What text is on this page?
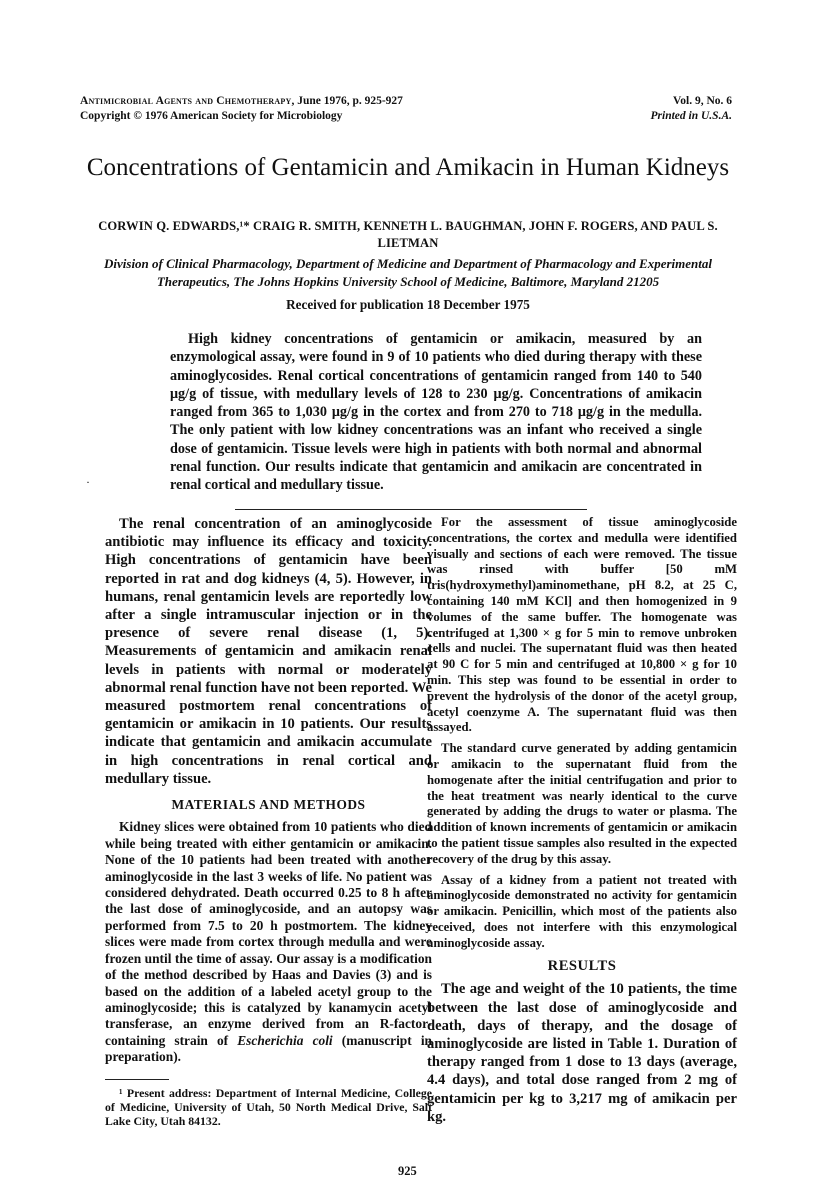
Antimicrobial Agents and Chemotherapy, June 1976, p. 925-927
Copyright © 1976 American Society for Microbiology
Vol. 9, No. 6
Printed in U.S.A.
Concentrations of Gentamicin and Amikacin in Human Kidneys
CORWIN Q. EDWARDS,¹* CRAIG R. SMITH, KENNETH L. BAUGHMAN, JOHN F. ROGERS, AND PAUL S. LIETMAN
Division of Clinical Pharmacology, Department of Medicine and Department of Pharmacology and Experimental Therapeutics, The Johns Hopkins University School of Medicine, Baltimore, Maryland 21205
Received for publication 18 December 1975

High kidney concentrations of gentamicin or amikacin, measured by an enzymological assay, were found in 9 of 10 patients who died during therapy with these aminoglycosides. Renal cortical concentrations of gentamicin ranged from 140 to 540 μg/g of tissue, with medullary levels of 128 to 230 μg/g. Concentrations of amikacin ranged from 365 to 1,030 μg/g in the cortex and from 270 to 718 μg/g in the medulla. The only patient with low kidney concentrations was an infant who received a single dose of gentamicin. Tissue levels were high in patients with both normal and abnormal renal function. Our results indicate that gentamicin and amikacin are concentrated in renal cortical and medullary tissue.

·

The renal concentration of an aminoglycoside antibiotic may influence its efficacy and toxicity. High concentrations of gentamicin have been reported in rat and dog kidneys (4, 5). However, in humans, renal gentamicin levels are reportedly low after a single intramuscular injection or in the presence of severe renal disease (1, 5). Measurements of gentamicin and amikacin renal levels in patients with normal or moderately abnormal renal function have not been reported. We measured postmortem renal concentrations of gentamicin or amikacin in 10 patients. Our results indicate that gentamicin and amikacin accumulate in high concentrations in renal cortical and medullary tissue.

MATERIALS AND METHODS

Kidney slices were obtained from 10 patients who died while being treated with either gentamicin or amikacin. None of the 10 patients had been treated with another aminoglycoside in the last 3 weeks of life. No patient was considered dehydrated. Death occurred 0.25 to 8 h after the last dose of aminoglycoside, and an autopsy was performed from 7.5 to 20 h postmortem. The kidney slices were made from cortex through medulla and were frozen until the time of assay. Our assay is a modification of the method described by Haas and Davies (3) and is based on the addition of a labeled acetyl group to the aminoglycoside; this is catalyzed by kanamycin acetyl transferase, an enzyme derived from an R-factor-containing strain of Escherichia coli (manuscript in preparation).

¹ Present address: Department of Internal Medicine, College of Medicine, University of Utah, 50 North Medical Drive, Salt Lake City, Utah 84132.

For the assessment of tissue aminoglycoside concentrations, the cortex and medulla were identified visually and sections of each were removed. The tissue was rinsed with buffer [50 mM tris(hydroxymethyl)aminomethane, pH 8.2, at 25 C, containing 140 mM KCl] and then homogenized in 9 volumes of the same buffer. The homogenate was centrifuged at 1,300 × g for 5 min to remove unbroken cells and nuclei. The supernatant fluid was then heated at 90 C for 5 min and centrifuged at 10,800 × g for 10 min. This step was found to be essential in order to prevent the hydrolysis of the donor of the acetyl group, acetyl coenzyme A. The supernatant fluid was then assayed.

The standard curve generated by adding gentamicin or amikacin to the supernatant fluid from the homogenate after the initial centrifugation and prior to the heat treatment was nearly identical to the curve generated by adding the drugs to water or plasma. The addition of known increments of gentamicin or amikacin to the patient tissue samples also resulted in the expected recovery of the drug by this assay.

Assay of a kidney from a patient not treated with aminoglycoside demonstrated no activity for gentamicin or amikacin. Penicillin, which most of the patients also received, does not interfere with this enzymological aminoglycoside assay.

RESULTS

The age and weight of the 10 patients, the time between the last dose of aminoglycoside and death, days of therapy, and the dosage of aminoglycoside are listed in Table 1. Duration of therapy ranged from 1 dose to 13 days (average, 4.4 days), and total dose ranged from 2 mg of gentamicin per kg to 3,217 mg of amikacin per kg.

925
